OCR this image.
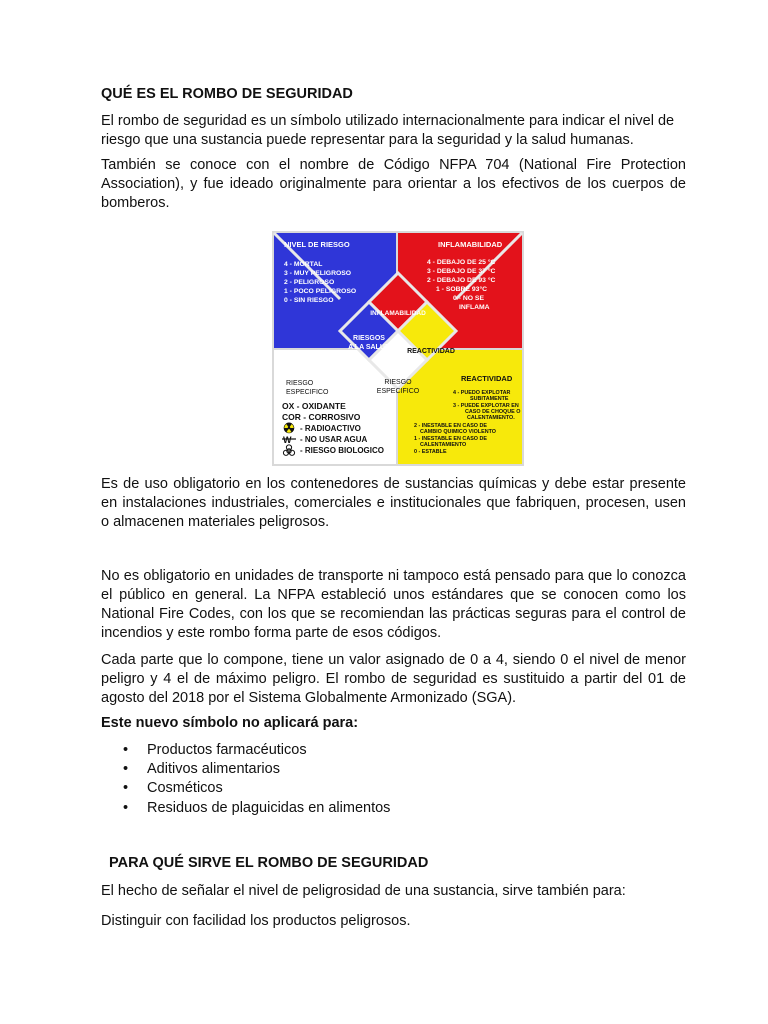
QUÉ ES EL ROMBO DE SEGURIDAD
El rombo de seguridad es un símbolo utilizado internacionalmente para indicar el nivel de riesgo que una sustancia puede representar para la seguridad y la salud humanas.
También se conoce con el nombre de Código NFPA 704 (National Fire Protection Association), y fue ideado originalmente para orientar a los efectivos de los cuerpos de bomberos.
INFLAMABILIDAD
RIESGOS
A LA SALUD
REACTIVIDAD
RIESGO
ESPECIFICO
NIVEL DE RIESGO
4 - MORTAL
3 - MUY PELIGROSO
2 - PELIGROSO
1 - POCO PELIGROSO
0 - SIN RIESGO
INFLAMABILIDAD
4 - DEBAJO DE 25 °C
3 - DEBAJO DE 37 °C
2 - DEBAJO DE 93 °C
1 - SOBRE 93°C
0 - NO SE
INFLAMA
RIESGO
ESPECIFICO
OX - OXIDANTE
COR - CORROSIVO
- RADIOACTIVO
W - NO USAR AGUA
- RIESGO BIOLOGICO
REACTIVIDAD
4 - PUEDO EXPLOTAR
SUBITAMENTE
3 - PUEDE EXPLOTAR EN
CASO DE CHOQUE O
CALENTAMIENTO.
2 - INESTABLE EN CASO DE
CAMBIO QUIMICO VIOLENTO
1 - INESTABLE EN CASO DE
CALENTAMIENTO
0 - ESTABLE
Es de uso obligatorio en los contenedores de sustancias químicas y debe estar presente en instalaciones industriales, comerciales e institucionales que fabriquen, procesen, usen o almacenen materiales peligrosos.
No es obligatorio en unidades de transporte ni tampoco está pensado para que lo conozca el público en general. La NFPA estableció unos estándares que se conocen como los National Fire Codes, con los que se recomiendan las prácticas seguras para el control de incendios y este rombo forma parte de esos códigos.
Cada parte que lo compone, tiene un valor asignado de 0 a 4, siendo 0 el nivel de menor peligro y 4 el de máximo peligro. El rombo de seguridad es sustituido a partir del 01 de agosto del 2018 por el Sistema Globalmente Armonizado (SGA).
Este nuevo símbolo no aplicará para:
• Productos farmacéuticos
• Aditivos alimentarios
• Cosméticos
• Residuos de plaguicidas en alimentos
PARA QUÉ SIRVE EL ROMBO DE SEGURIDAD
El hecho de señalar el nivel de peligrosidad de una sustancia, sirve también para:
Distinguir con facilidad los productos peligrosos.
